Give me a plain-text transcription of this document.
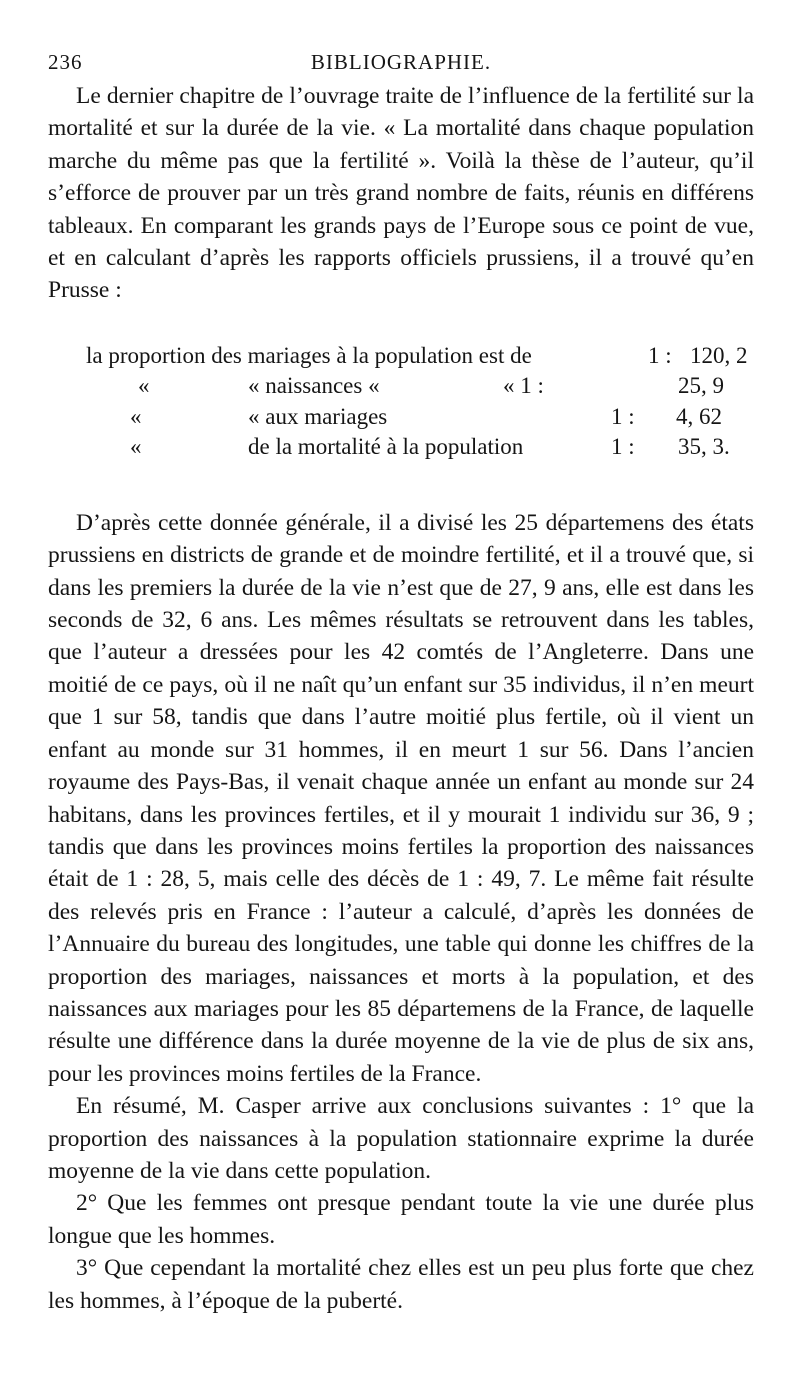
236	BIBLIOGRAPHIE.

Le dernier chapitre de l’ouvrage traite de l’influence de la fertilité sur la mortalité et sur la durée de la vie. « La mortalité dans chaque population marche du même pas que la fertilité ». Voilà la thèse de l’auteur, qu’il s’efforce de prouver par un très grand nombre de faits, réunis en différens tableaux. En comparant les grands pays de l’Europe sous ce point de vue, et en calculant d’après les rapports officiels prussiens, il a trouvé qu’en Prusse :

la proportion des mariages à la population est de	1 : 120, 2
«	« naissances «	« 1 :	25, 9
«	« aux mariages	1 : 4, 62
«	de la mortalité à la population	1 : 35, 3.

D’après cette donnée générale, il a divisé les 25 départemens des états prussiens en districts de grande et de moindre fertilité, et il a trouvé que, si dans les premiers la durée de la vie n’est que de 27, 9 ans, elle est dans les seconds de 32, 6 ans. Les mêmes résultats se retrouvent dans les tables, que l’auteur a dressées pour les 42 comtés de l’Angleterre. Dans une moitié de ce pays, où il ne naît qu’un enfant sur 35 individus, il n’en meurt que 1 sur 58, tandis que dans l’autre moitié plus fertile, où il vient un enfant au monde sur 31 hommes, il en meurt 1 sur 56. Dans l’ancien royaume des Pays-Bas, il venait chaque année un enfant au monde sur 24 habitans, dans les provinces fertiles, et il y mourait 1 individu sur 36, 9 ; tandis que dans les provinces moins fertiles la proportion des naissances était de 1 : 28, 5, mais celle des décès de 1 : 49, 7. Le même fait résulte des relevés pris en France : l’auteur a calculé, d’après les données de l’Annuaire du bureau des longitudes, une table qui donne les chiffres de la proportion des mariages, naissances et morts à la population, et des naissances aux mariages pour les 85 départemens de la France, de laquelle résulte une différence dans la durée moyenne de la vie de plus de six ans, pour les provinces moins fertiles de la France.

En résumé, M. Casper arrive aux conclusions suivantes : 1° que la proportion des naissances à la population stationnaire exprime la durée moyenne de la vie dans cette population.

2° Que les femmes ont presque pendant toute la vie une durée plus longue que les hommes.

3° Que cependant la mortalité chez elles est un peu plus forte que chez les hommes, à l’époque de la puberté.
